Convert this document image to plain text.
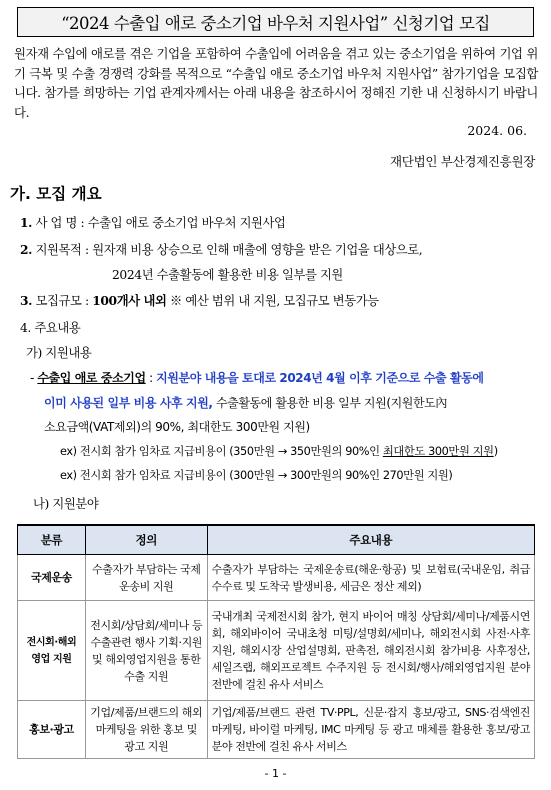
“2024 수출입 애로 중소기업 바우처 지원사업” 신청기업 모집
원자재 수입에 애로를 겪은 기업을 포함하여 수출입에 어려움을 겪고 있는 중소기업을 위하여 기업 위기 극복 및 수출 경쟁력 강화를 목적으로 “수출입 애로 중소기업 바우처 지원사업” 참가기업을 모집합니다. 참가를 희망하는 기업 관계자께서는 아래 내용을 참조하시어 정해진 기한 내 신청하시기 바랍니다.
2024. 06.
재단법인 부산경제진흥원장
가. 모집 개요
1. 사 업 명 : 수출입 애로 중소기업 바우처 지원사업
2. 지원목적 : 원자재 비용 상승으로 인해 매출에 영향을 받은 기업을 대상으로,
2024년 수출활동에 활용한 비용 일부를 지원
3. 모집규모 : 100개사 내외 ※ 예산 범위 내 지원, 모집규모 변동가능
4. 주요내용
가) 지원내용
- 수출입 애로 중소기업 : 지원분야 내용을 토대로 2024년 4월 이후 기준으로 수출 활동에
이미 사용된 일부 비용 사후 지원, 수출활동에 활용한 비용 일부 지원(지원한도內
소요금액(VAT제외)의 90%, 최대한도 300만원 지원)
ex) 전시회 참가 임차료 지급비용이 (350만원 → 350만원의 90%인 최대한도 300만원 지원)
ex) 전시회 참가 임차료 지급비용이 (300만원 → 300만원의 90%인 270만원 지원)
나) 지원분야
분류	정의	주요내용
국제운송	수출자가 부담하는 국제운송비 지원	수출자가 부담하는 국제운송료(해운·항공) 및 보험료(국내운임, 취급수수료 및 도착국 발생비용, 세금은 정산 제외)
전시회·해외영업 지원	전시회/상담회/세미나 등 수출관련 행사 기획·지원 및 해외영업지원을 통한 수출 지원	국내개최 국제전시회 참가, 현지 바이어 매칭 상담회/세미나/제품시연회, 해외바이어 국내초청 미팅/설명회/세미나, 해외전시회 사전·사후 지원, 해외시장 산업설명회, 판촉전, 해외전시회 참가비용 사후정산, 세일즈랩, 해외프로젝트 수주지원 등 전시회/행사/해외영업지원 분야 전반에 걸친 유사 서비스
홍보·광고	기업/제품/브랜드의 해외 마케팅을 위한 홍보 및 광고 지원	기업/제품/브랜드 관련 TV·PPL, 신문·잡지 홍보/광고, SNS·검색엔진 마케팅, 바이럴 마케팅, IMC 마케팅 등 광고 매체를 활용한 홍보/광고 분야 전반에 걸친 유사 서비스
- 1 -
